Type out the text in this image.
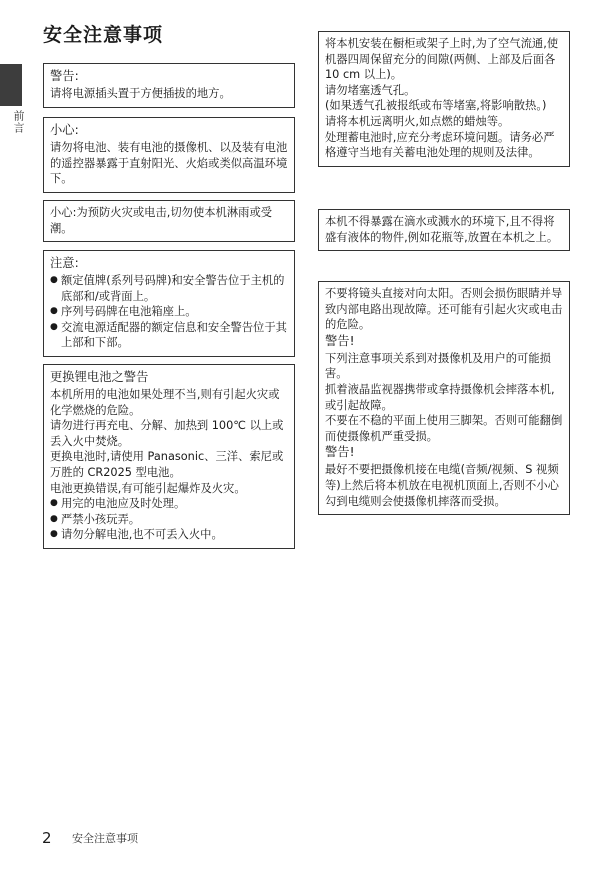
前言
安全注意事项

警告:

请将电源插头置于方便插拔的地方。

小心:

请勿将电池、装有电池的摄像机、以及装有电池的遥控器暴露于直射阳光、火焰或类似高温环境下。

小心:为预防火灾或电击,切勿使本机淋雨或受潮。

注意:

● 额定值牌(系列号码牌)和安全警告位于主机的底部和/或背面上。
● 序列号码牌在电池箱座上。
● 交流电源适配器的额定信息和安全警告位于其上部和下部。

更换锂电池之警告

本机所用的电池如果处理不当,则有引起火灾或化学燃烧的危险。

请勿进行再充电、分解、加热到 100℃ 以上或丢入火中焚烧。

更换电池时,请使用 Panasonic、三洋、索尼或万胜的 CR2025 型电池。

电池更换错误,有可能引起爆炸及火灾。

● 用完的电池应及时处理。
● 严禁小孩玩弄。
● 请勿分解电池,也不可丢入火中。

将本机安装在橱柜或架子上时,为了空气流通,使机器四周保留充分的间隙(两侧、上部及后面各 10 cm 以上)。

请勿堵塞透气孔。

(如果透气孔被报纸或布等堵塞,将影响散热。)

请将本机远离明火,如点燃的蜡烛等。

处理蓄电池时,应充分考虑环境问题。请务必严格遵守当地有关蓄电池处理的规则及法律。

本机不得暴露在滴水或溅水的环境下,且不得将盛有液体的物件,例如花瓶等,放置在本机之上。

不要将镜头直接对向太阳。否则会损伤眼睛并导致内部电路出现故障。还可能有引起火灾或电击的危险。

警告!

下列注意事项关系到对摄像机及用户的可能损害。

抓着液晶监视器携带或拿持摄像机会摔落本机,或引起故障。

不要在不稳的平面上使用三脚架。否则可能翻倒而使摄像机严重受损。

警告!

最好不要把摄像机接在电缆(音频/视频、S 视频等)上然后将本机放在电视机顶面上,否则不小心勾到电缆则会使摄像机摔落而受损。

2 安全注意事项
